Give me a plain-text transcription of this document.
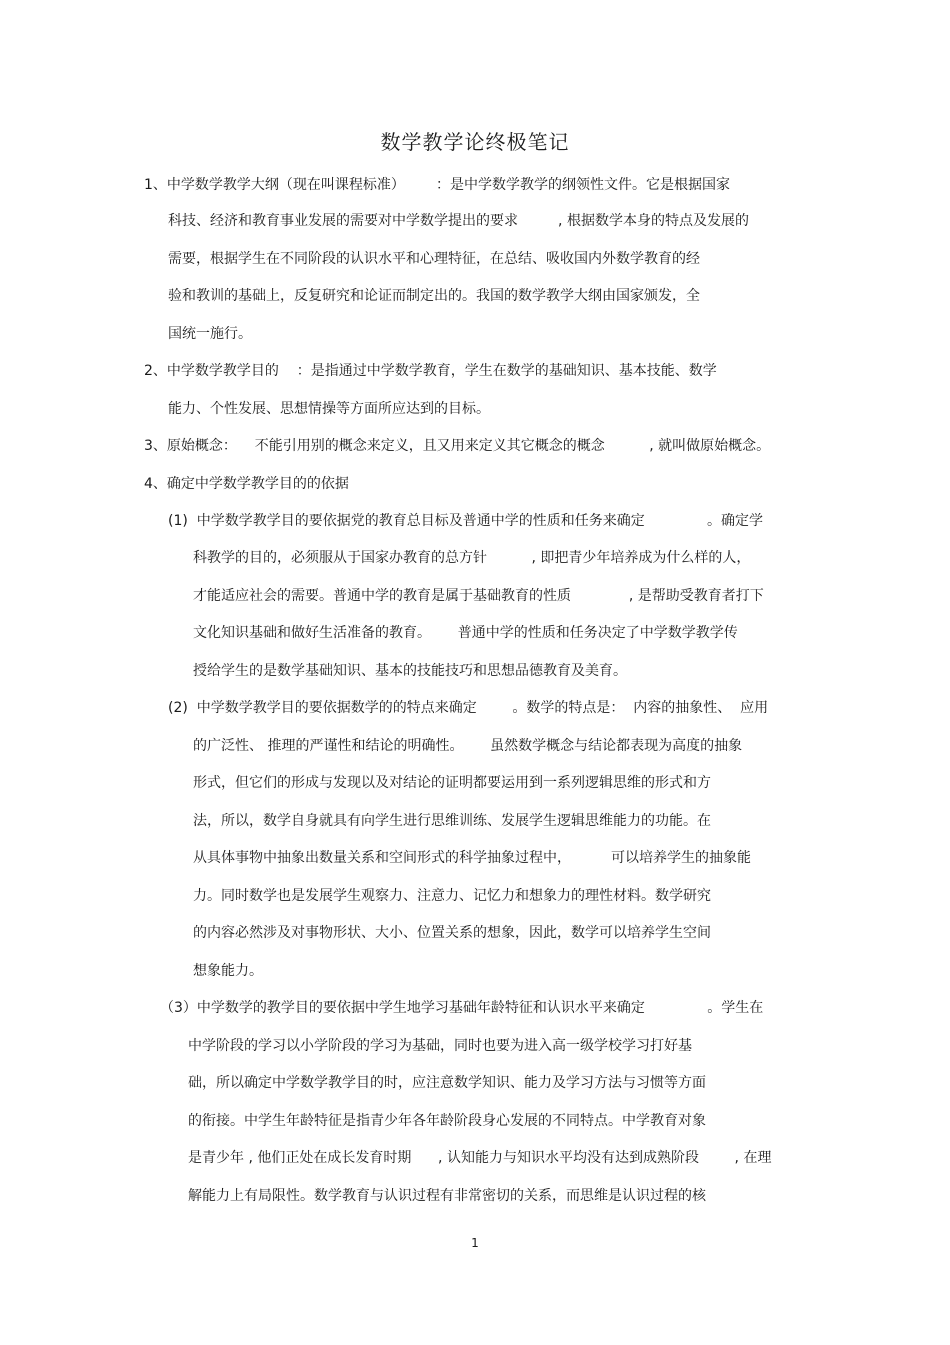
数学教学论终极笔记
1、中学数学教学大纲（现在叫课程标准）       ：是中学数学教学的纲领性文件。它是根据国家
科技、经济和教育事业发展的需要对中学数学提出的要求         , 根据数学本身的特点及发展的
需要，根据学生在不同阶段的认识水平和心理特征，在总结、吸收国内外数学教育的经
验和教训的基础上，反复研究和论证而制定出的。我国的数学教学大纲由国家颁发，全
国统一施行。
2、中学数学教学目的    ：是指通过中学数学教育，学生在数学的基础知识、基本技能、数学
能力、个性发展、思想情操等方面所应达到的目标。
3、原始概念：    不能引用别的概念来定义，且又用来定义其它概念的概念          , 就叫做原始概念。
4、确定中学数学教学目的的依据
(1)  中学数学教学目的要依据党的教育总目标及普通中学的性质和任务来确定              。确定学
科教学的目的，必须服从于国家办教育的总方针          , 即把青少年培养成为什么样的人，
才能适应社会的需要。普通中学的教育是属于基础教育的性质             , 是帮助受教育者打下
文化知识基础和做好生活准备的教育。      普通中学的性质和任务决定了中学数学教学传
授给学生的是数学基础知识、基本的技能技巧和思想品德教育及美育。
(2)  中学数学教学目的要依据数学的的特点来确定        。数学的特点是：  内容的抽象性、  应用
的广泛性、 推理的严谨性和结论的明确性。      虽然数学概念与结论都表现为高度的抽象
形式，但它们的形成与发现以及对结论的证明都要运用到一系列逻辑思维的形式和方
法，所以，数学自身就具有向学生进行思维训练、发展学生逻辑思维能力的功能。在
从具体事物中抽象出数量关系和空间形式的科学抽象过程中，         可以培养学生的抽象能
力。同时数学也是发展学生观察力、注意力、记忆力和想象力的理性材料。数学研究
的内容必然涉及对事物形状、大小、位置关系的想象，因此，数学可以培养学生空间
想象能力。
（3）中学数学的教学目的要依据中学生地学习基础年龄特征和认识水平来确定              。学生在
中学阶段的学习以小学阶段的学习为基础，同时也要为进入高一级学校学习打好基
础，所以确定中学数学教学目的时，应注意数学知识、能力及学习方法与习惯等方面
的衔接。中学生年龄特征是指青少年各年龄阶段身心发展的不同特点。中学教育对象
是青少年 , 他们正处在成长发育时期      , 认知能力与知识水平均没有达到成熟阶段        , 在理
解能力上有局限性。数学教育与认识过程有非常密切的关系，而思维是认识过程的核
1
